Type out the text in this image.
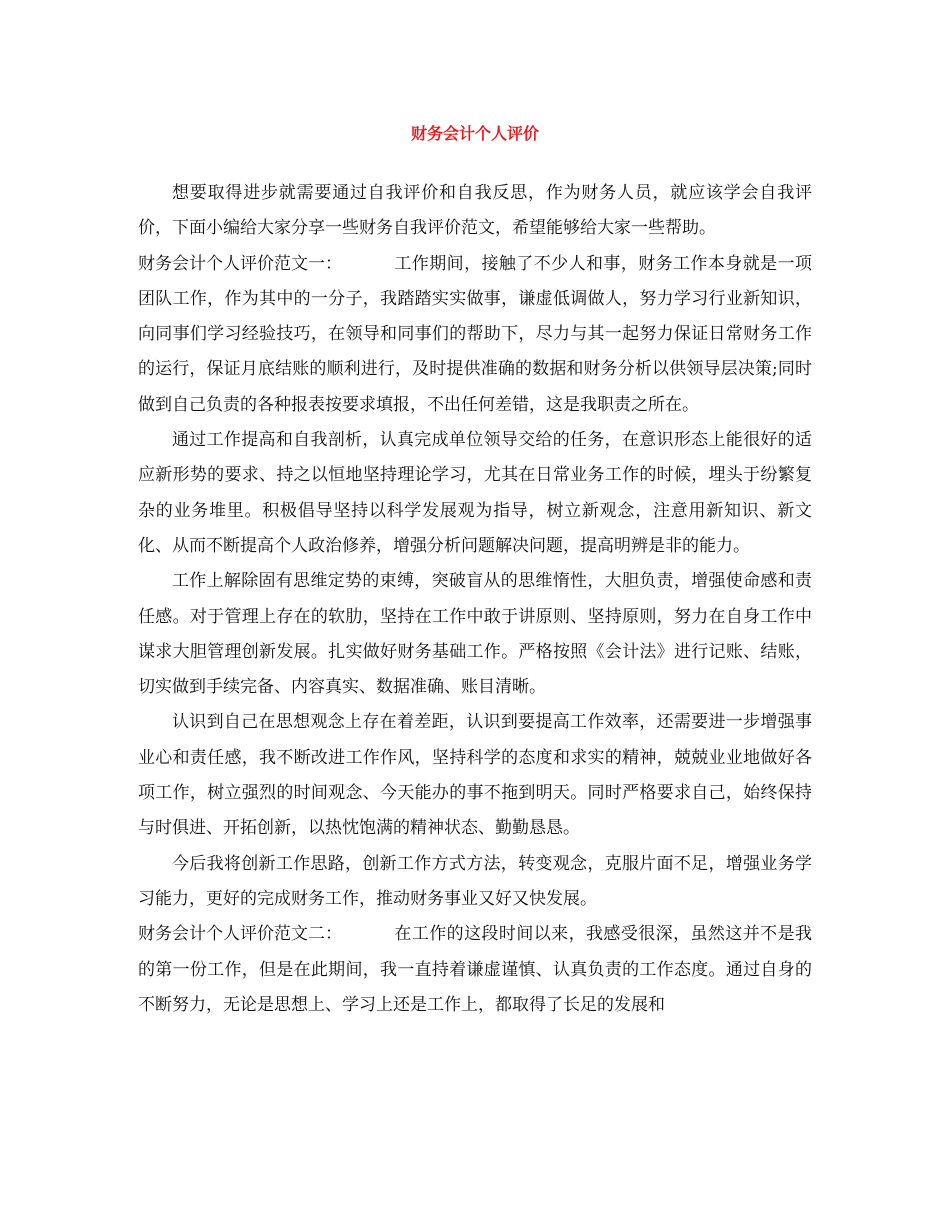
财务会计个人评价

想要取得进步就需要通过自我评价和自我反思，作为财务人员，就应该学会自我评价，下面小编给大家分享一些财务自我评价范文，希望能够给大家一些帮助。

财务会计个人评价范文一：	工作期间，接触了不少人和事，财务工作本身就是一项团队工作，作为其中的一分子，我踏踏实实做事，谦虚低调做人，努力学习行业新知识，向同事们学习经验技巧，在领导和同事们的帮助下，尽力与其一起努力保证日常财务工作的运行，保证月底结账的顺利进行，及时提供准确的数据和财务分析以供领导层决策;同时做到自己负责的各种报表按要求填报，不出任何差错，这是我职责之所在。

通过工作提高和自我剖析，认真完成单位领导交给的任务，在意识形态上能很好的适应新形势的要求、持之以恒地坚持理论学习，尤其在日常业务工作的时候，埋头于纷繁复杂的业务堆里。积极倡导坚持以科学发展观为指导，树立新观念，注意用新知识、新文化、从而不断提高个人政治修养，增强分析问题解决问题，提高明辨是非的能力。

工作上解除固有思维定势的束缚，突破盲从的思维惰性，大胆负责，增强使命感和责任感。对于管理上存在的软肋，坚持在工作中敢于讲原则、坚持原则，努力在自身工作中谋求大胆管理创新发展。扎实做好财务基础工作。严格按照《会计法》进行记账、结账，切实做到手续完备、内容真实、数据准确、账目清晰。

认识到自己在思想观念上存在着差距，认识到要提高工作效率，还需要进一步增强事业心和责任感，我不断改进工作作风，坚持科学的态度和求实的精神，兢兢业业地做好各项工作，树立强烈的时间观念、今天能办的事不拖到明天。同时严格要求自己，始终保持与时俱进、开拓创新，以热忱饱满的精神状态、勤勤恳恳。

今后我将创新工作思路，创新工作方式方法，转变观念，克服片面不足，增强业务学习能力，更好的完成财务工作，推动财务事业又好又快发展。

财务会计个人评价范文二：	在工作的这段时间以来，我感受很深，虽然这并不是我的第一份工作，但是在此期间，我一直持着谦虚谨慎、认真负责的工作态度。通过自身的不断努力，无论是思想上、学习上还是工作上，都取得了长足的发展和
